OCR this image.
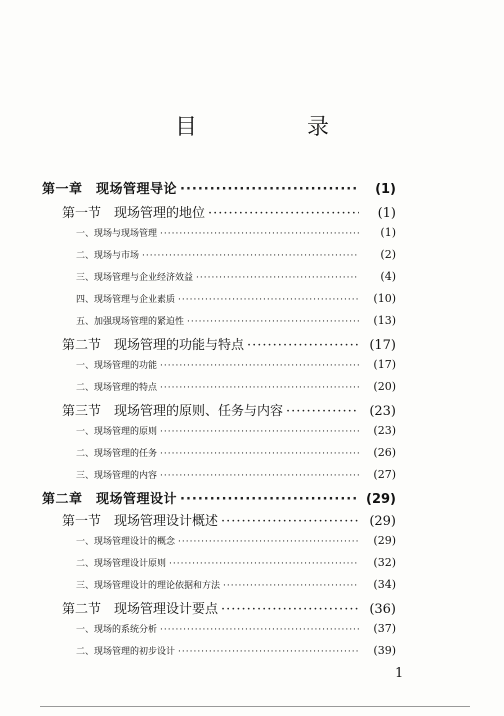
目　录
第一章　现场管理导论 ·····	(1)
第一节　现场管理的地位 ·····	(1)
一、现场与现场管理 ·····	(1)
二、现场与市场 ·····	(2)
三、现场管理与企业经济效益 ·····	(4)
四、现场管理与企业素质 ·····	(10)
五、加强现场管理的紧迫性 ·····	(13)
第二节　现场管理的功能与特点 ·····	(17)
一、现场管理的功能 ·····	(17)
二、现场管理的特点 ·····	(20)
第三节　现场管理的原则、任务与内容 ·····	(23)
一、现场管理的原则 ·····	(23)
二、现场管理的任务 ·····	(26)
三、现场管理的内容 ·····	(27)
第二章　现场管理设计 ·····	(29)
第一节　现场管理设计概述 ·····	(29)
一、现场管理设计的概念 ·····	(29)
二、现场管理设计原则 ·····	(32)
三、现场管理设计的理论依据和方法 ·····	(34)
第二节　现场管理设计要点 ·····	(36)
一、现场的系统分析 ·····	(37)
二、现场管理的初步设计 ·····	(39)
1
